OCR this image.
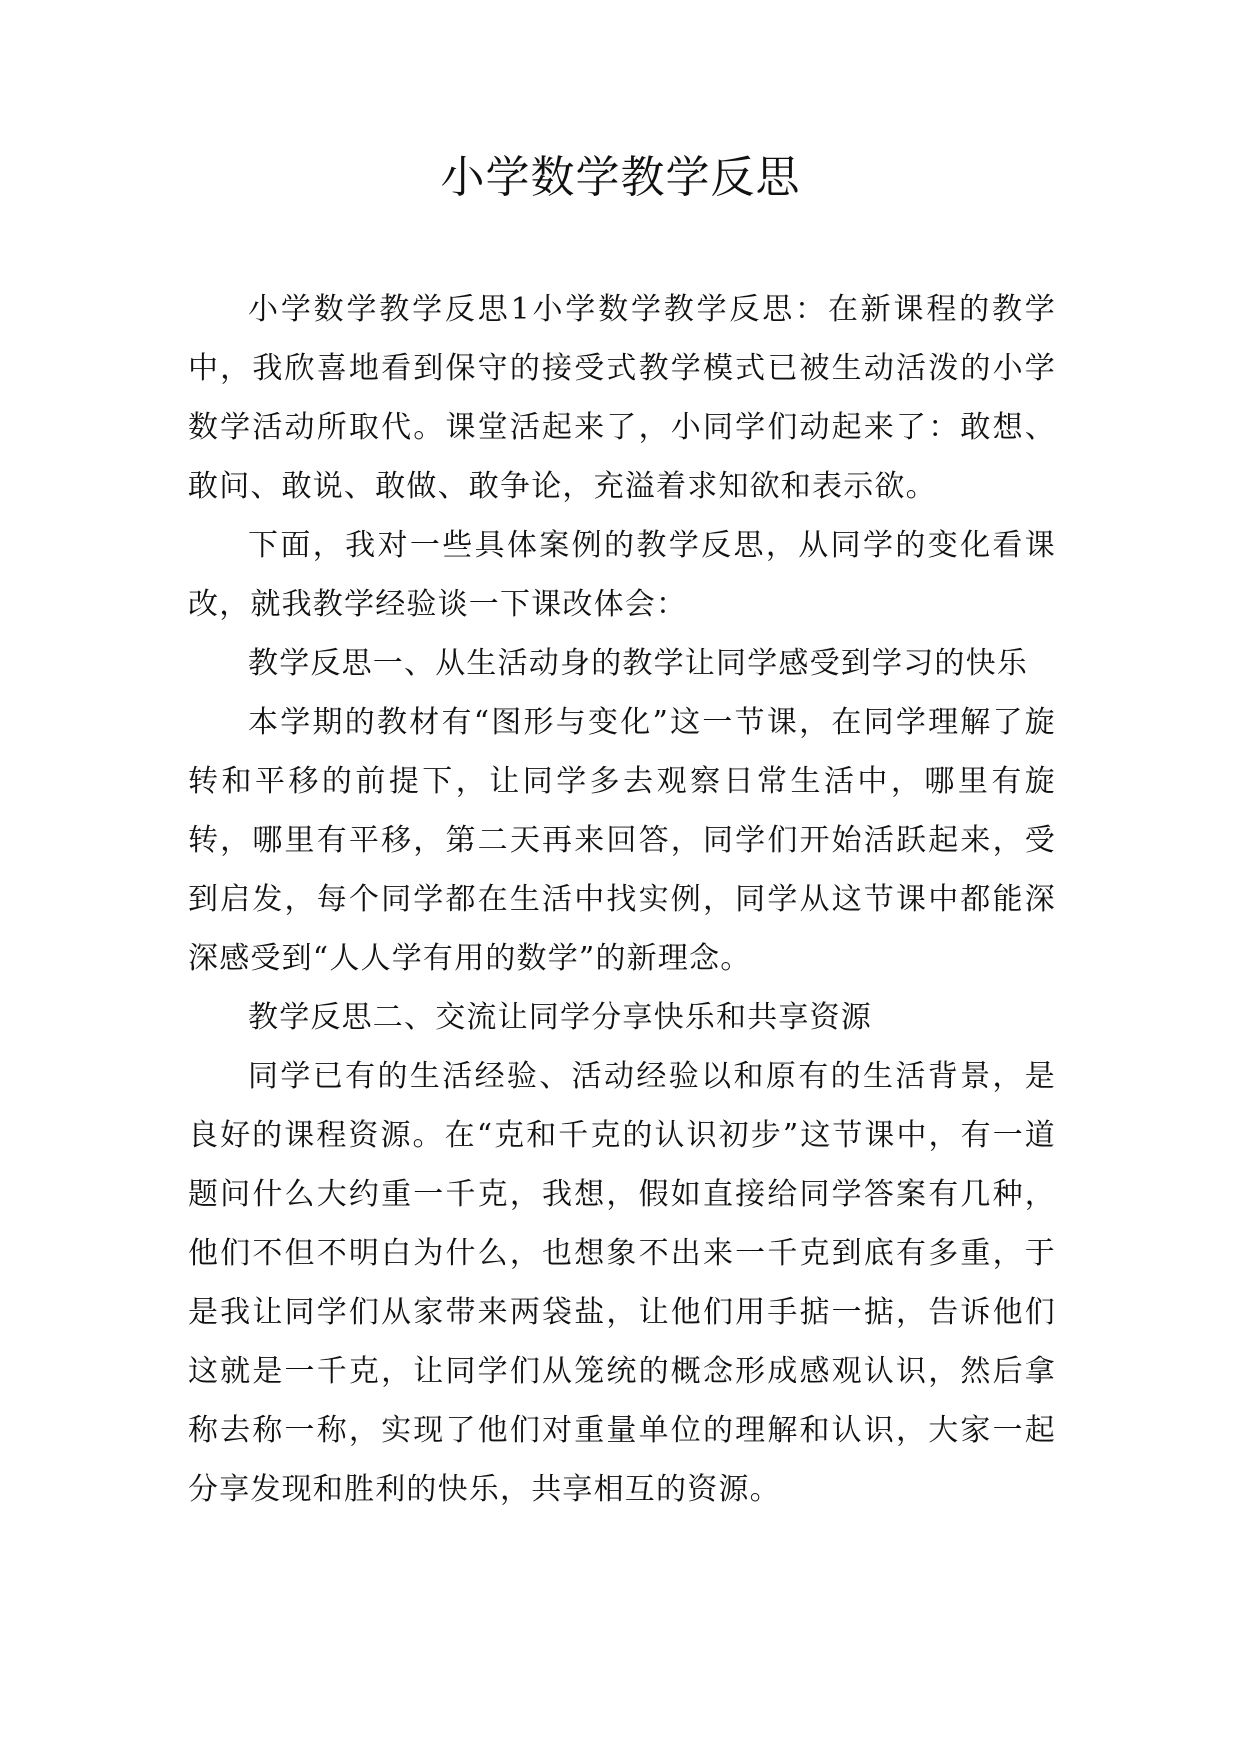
小学数学教学反思

小学数学教学反思1小学数学教学反思：在新课程的教学中，我欣喜地看到保守的接受式教学模式已被生动活泼的小学数学活动所取代。课堂活起来了，小同学们动起来了：敢想、敢问、敢说、敢做、敢争论，充溢着求知欲和表示欲。

下面，我对一些具体案例的教学反思，从同学的变化看课改，就我教学经验谈一下课改体会：

教学反思一、从生活动身的教学让同学感受到学习的快乐

本学期的教材有“图形与变化”这一节课，在同学理解了旋转和平移的前提下，让同学多去观察日常生活中，哪里有旋转，哪里有平移，第二天再来回答，同学们开始活跃起来，受到启发，每个同学都在生活中找实例，同学从这节课中都能深深感受到“人人学有用的数学”的新理念。

教学反思二、交流让同学分享快乐和共享资源

同学已有的生活经验、活动经验以和原有的生活背景，是良好的课程资源。在“克和千克的认识初步”这节课中，有一道题问什么大约重一千克，我想，假如直接给同学答案有几种，他们不但不明白为什么，也想象不出来一千克到底有多重，于是我让同学们从家带来两袋盐，让他们用手掂一掂，告诉他们这就是一千克，让同学们从笼统的概念形成感观认识，然后拿称去称一称，实现了他们对重量单位的理解和认识，大家一起分享发现和胜利的快乐，共享相互的资源。
